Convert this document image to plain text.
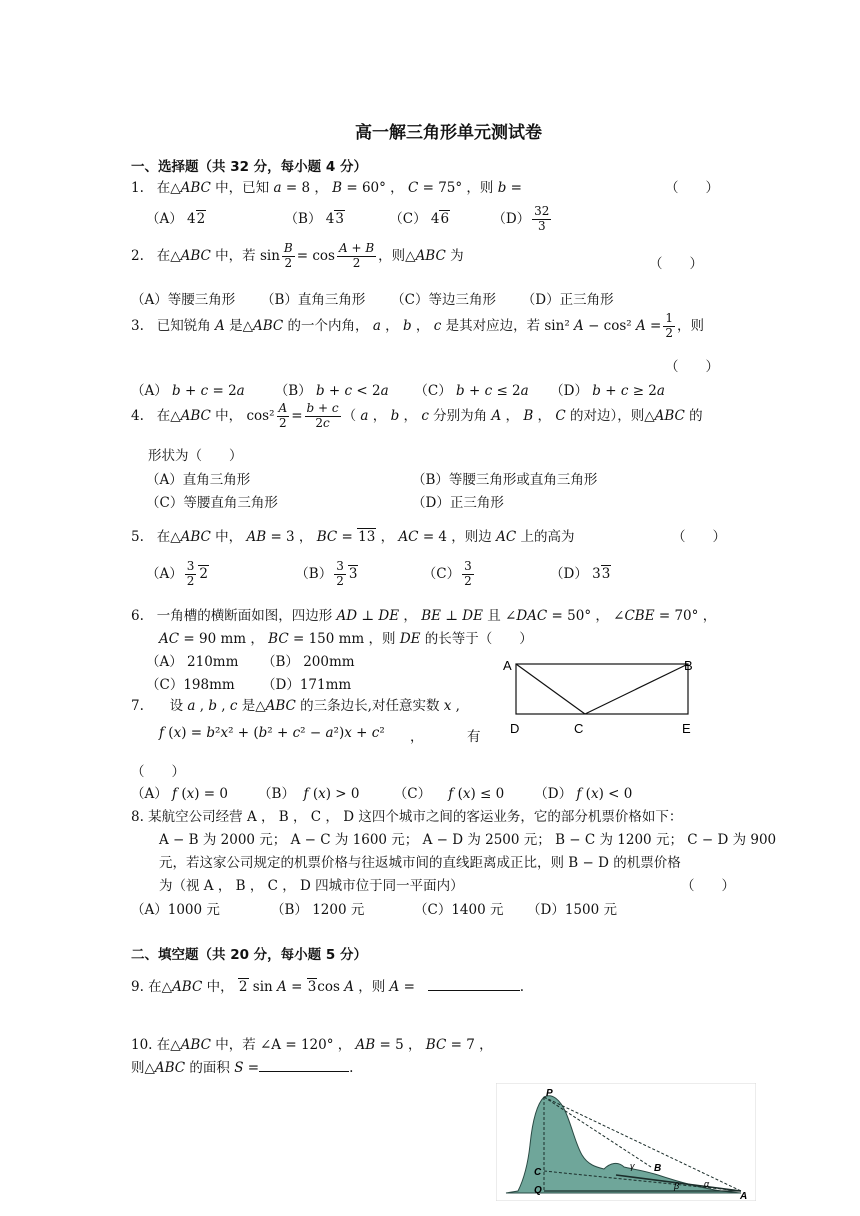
高一解三角形单元测试卷
一、选择题（共 32 分，每小题 4 分）
1.   在△ABC 中，已知 a = 8 ， B = 60° ， C = 75° ，则 b =	（　　）
（A） 42	（B） 43	（C） 46	$(D) \frac{32}{3}$
2.   在△ABC 中，若 $\sin \frac{B}{2} = \cos \frac{A + B}{2}$ ，则△ABC 为
（　　）
（A）等腰三角形      （B）直角三角形      （C）等边三角形      （D）正三角形
3.   已知锐角 A 是△ABC 的一个内角， a ， b ， c 是其对应边，若 sin² A − cos² $A = \frac{1}{2}$ ，则
（　　）
（A） b + c = 2a       （B） b + c < 2a      （C） b + c ≤ 2a     （D） b + c ≥ 2a
4.   在△ABC 中， $\cos^2 \frac{A}{2} = \frac{b + c}{2c}$ （ a ， b ， c 分别为角 A ， B ， C 的对边），则△ABC 的
形状为（　　）
（A）直角三角形	（B）等腰三角形或直角三角形
（C）等腰直角三角形	（D）正三角形
5.   在△ABC 中， AB = 3 ， BC = 13 ， AC = 4 ，则边 AC 上的高为	（　　）
$(A) \frac{3}{2} 2$	$(B) \frac{3}{2} 3$	$(C) \frac{3}{2}$	（D） 33
6.   一角槽的横断面如图，四边形 AD ⊥ DE ， BE ⊥ DE 且 ∠DAC = 50° ， ∠CBE = 70° ，
AC = 90 mm ， BC = 150 mm ，则 DE 的长等于（　　）
（A） 210mm （B） 200mm
（C）198mm （D）171mm
A	B
D	C	E
7.      设 a , b , c 是△ABC 的三条边长,对任意实数 x ,
f (x) = b²x² + (b² + c² − a²)x + c² ，	有
（　　）
（A） f (x) = 0       （B）  f (x) > 0        （C）    f (x) ≤ 0       （D） f (x) < 0
8. 某航空公司经营 A ， B ， C ， D 这四个城市之间的客运业务，它的部分机票价格如下：
A − B 为 2000 元； A − C 为 1600 元； A − D 为 2500 元； B − C 为 1200 元； C − D 为 900
元，若这家公司规定的机票价格与往返城市间的直线距离成正比，则 B − D 的机票价格
为（视 A ， B ， C ， D 四城市位于同一平面内）	（　　）
（A）1000 元	（B） 1200 元	（C）1400 元 （D）1500 元
二、填空题（共 20 分，每小题 5 分）
9. 在△ABC 中， 2 sin A = 3cos A ，则 A =	.
10. 在△ABC 中，若 ∠A = 120° ， AB = 5 ， BC = 7 ，
则△ABC 的面积 S =	.
P
C
Q
B
A
γ
α
β
